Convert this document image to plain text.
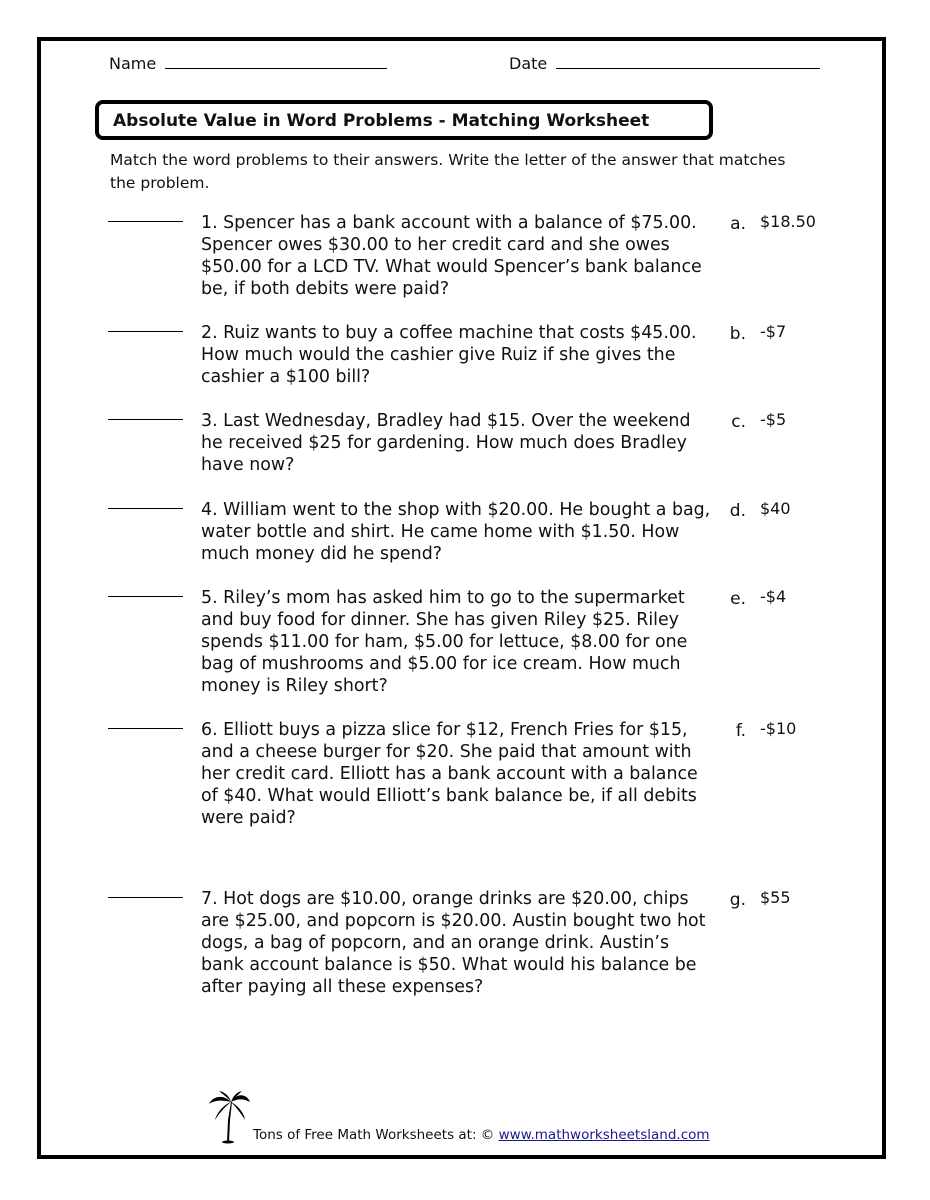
Name	Date
Absolute Value in Word Problems - Matching Worksheet
Match the word problems to their answers. Write the letter of the answer that matches the problem.
1. Spencer has a bank account with a balance of $75.00. Spencer owes $30.00 to her credit card and she owes $50.00 for a LCD TV. What would Spencer’s bank balance be, if both debits were paid?
a. $18.50
2. Ruiz wants to buy a coffee machine that costs $45.00. How much would the cashier give Ruiz if she gives the cashier a $100 bill?
b. -$7
3. Last Wednesday, Bradley had $15. Over the weekend he received $25 for gardening. How much does Bradley have now?
c. -$5
4. William went to the shop with $20.00. He bought a bag, water bottle and shirt. He came home with $1.50. How much money did he spend?
d. $40
5. Riley’s mom has asked him to go to the supermarket and buy food for dinner. She has given Riley $25. Riley spends $11.00 for ham, $5.00 for lettuce, $8.00 for one bag of mushrooms and $5.00 for ice cream. How much money is Riley short?
e. -$4
6. Elliott buys a pizza slice for $12, French Fries for $15, and a cheese burger for $20. She paid that amount with her credit card. Elliott has a bank account with a balance of $40. What would Elliott’s bank balance be, if all debits were paid?
f. -$10
7. Hot dogs are $10.00, orange drinks are $20.00, chips are $25.00, and popcorn is $20.00. Austin bought two hot dogs, a bag of popcorn, and an orange drink. Austin’s bank account balance is $50. What would his balance be after paying all these expenses?
g. $55
Tons of Free Math Worksheets at: © www.mathworksheetsland.com
